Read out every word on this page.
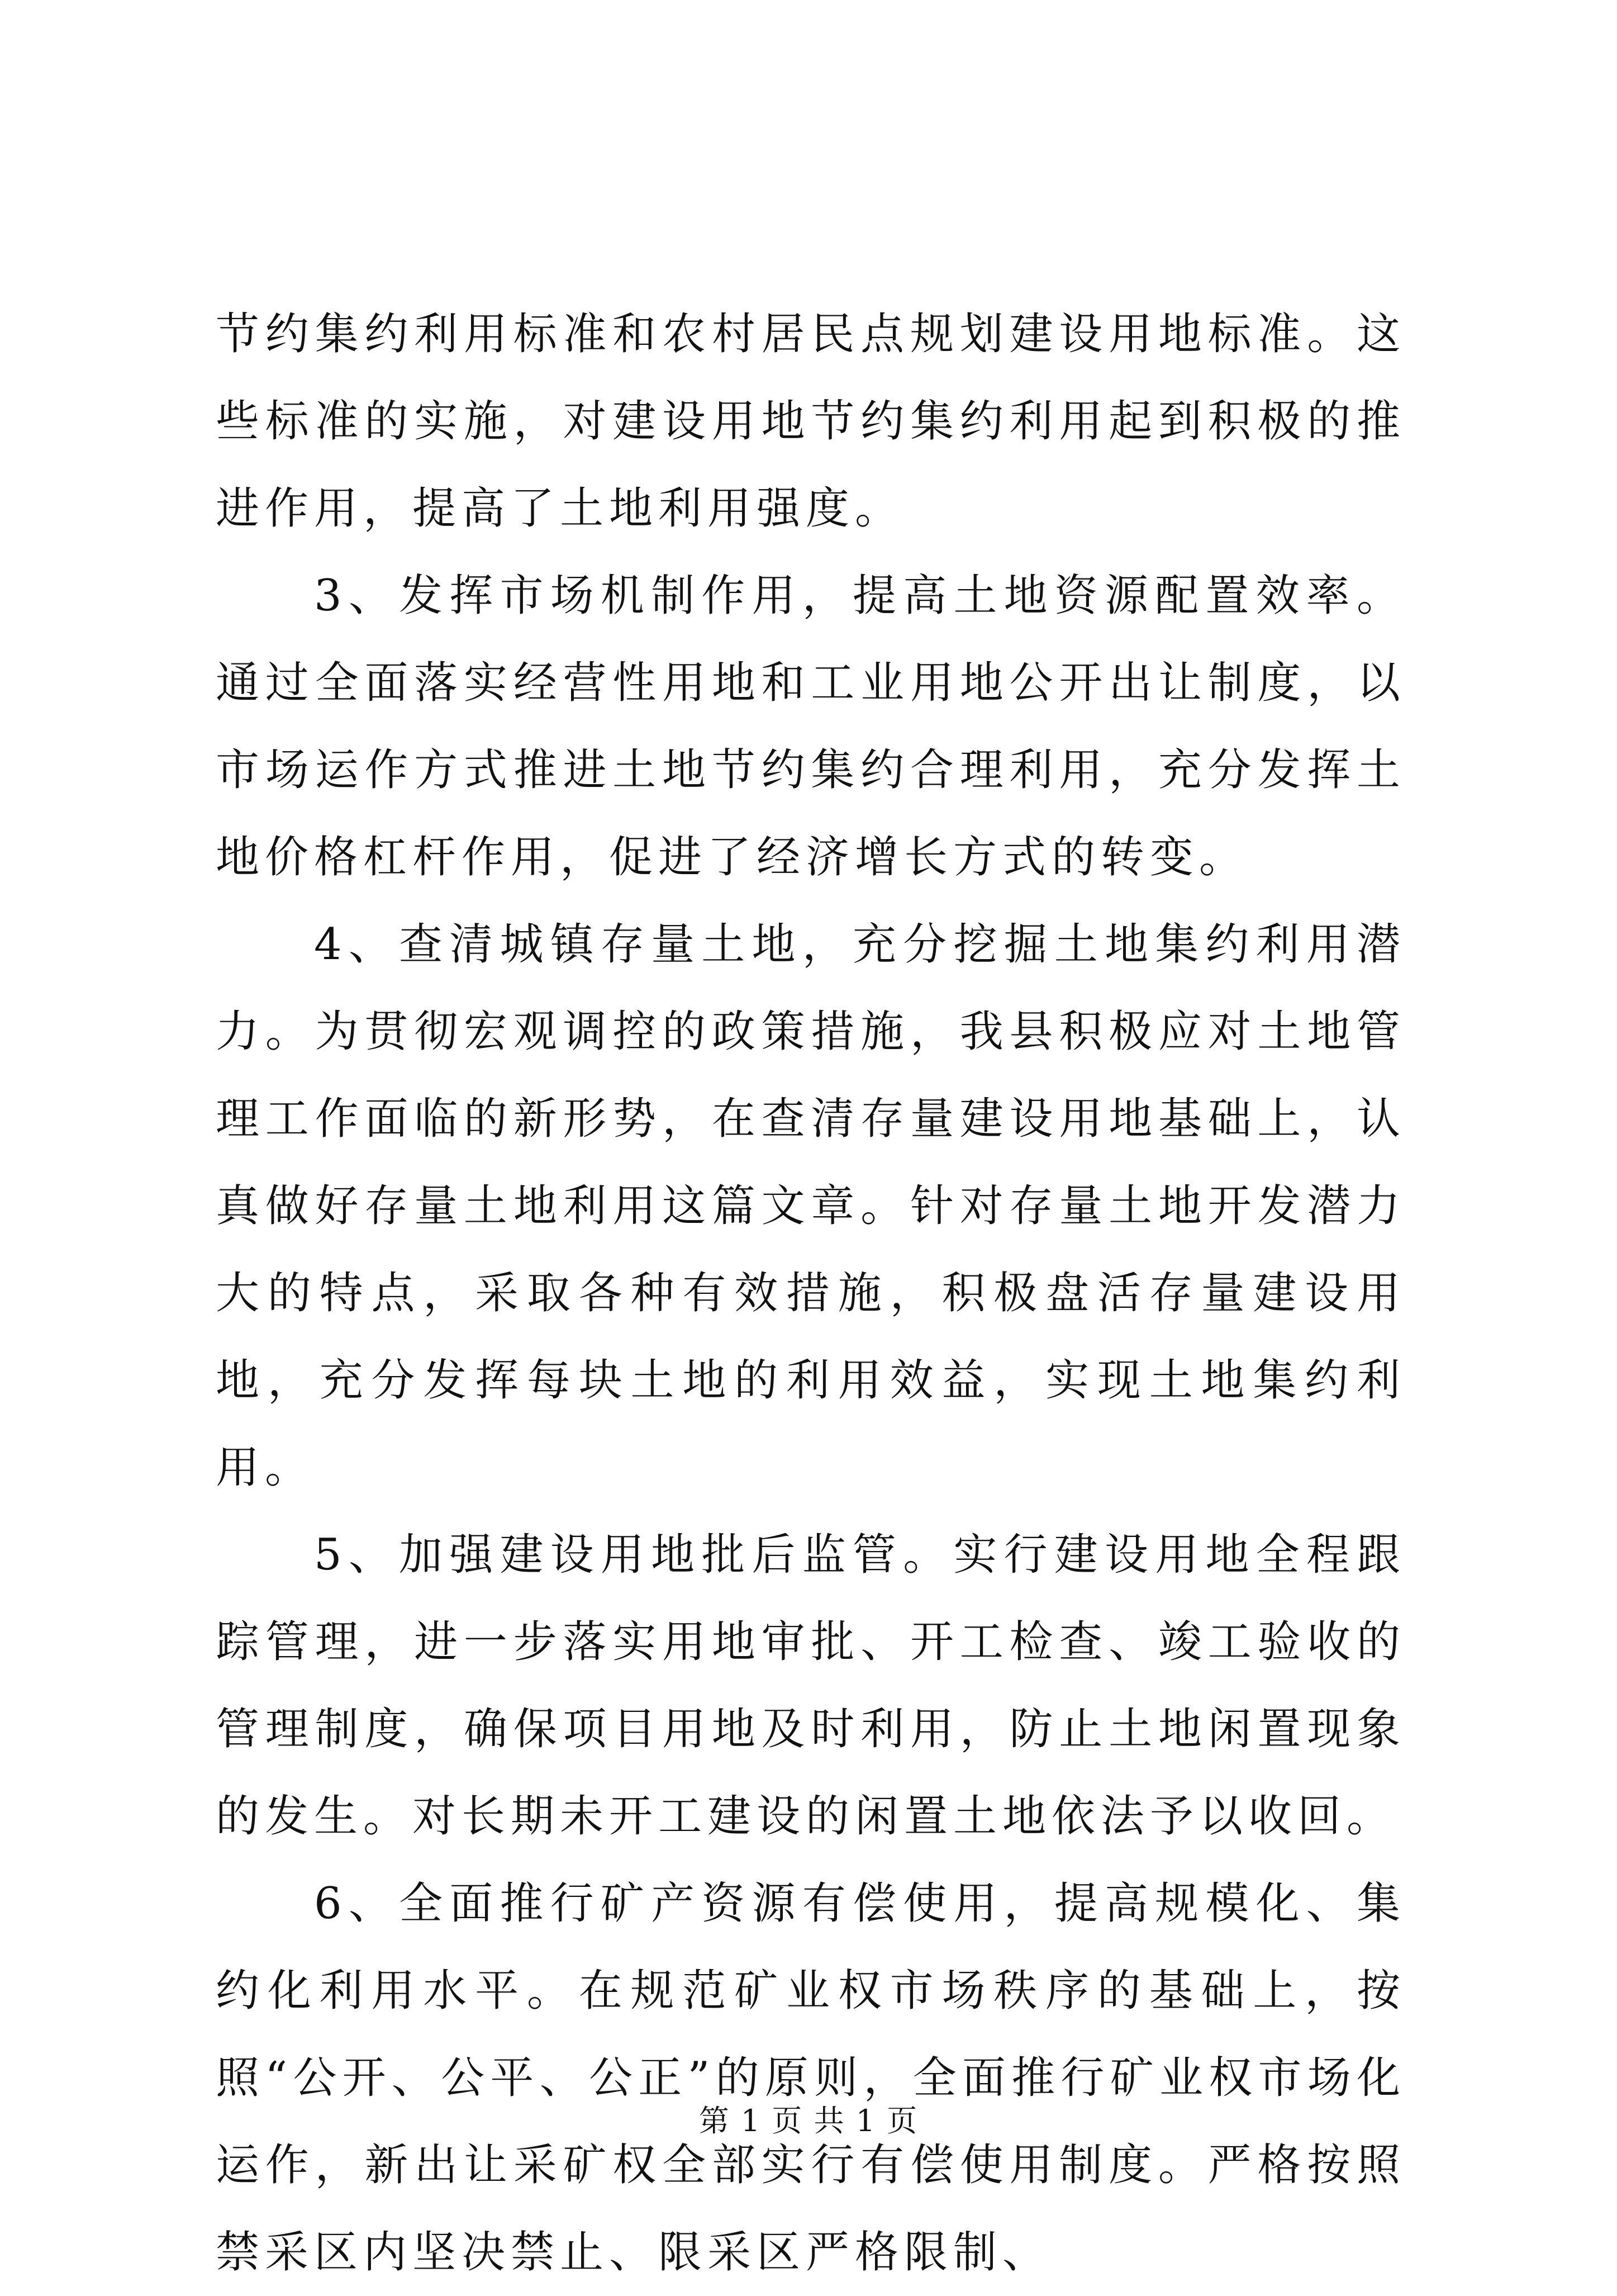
节约集约利用标准和农村居民点规划建设用地标准。这些标准的实施，对建设用地节约集约利用起到积极的推进作用，提高了土地利用强度。

3、发挥市场机制作用，提高土地资源配置效率。通过全面落实经营性用地和工业用地公开出让制度，以市场运作方式推进土地节约集约合理利用，充分发挥土地价格杠杆作用，促进了经济增长方式的转变。

4、查清城镇存量土地，充分挖掘土地集约利用潜力。为贯彻宏观调控的政策措施，我县积极应对土地管理工作面临的新形势，在查清存量建设用地基础上，认真做好存量土地利用这篇文章。针对存量土地开发潜力大的特点，采取各种有效措施，积极盘活存量建设用地，充分发挥每块土地的利用效益，实现土地集约利用。

5、加强建设用地批后监管。实行建设用地全程跟踪管理，进一步落实用地审批、开工检查、竣工验收的管理制度，确保项目用地及时利用，防止土地闲置现象的发生。对长期未开工建设的闲置土地依法予以收回。

6、全面推行矿产资源有偿使用，提高规模化、集约化利用水平。在规范矿业权市场秩序的基础上，按照“公开、公平、公正”的原则，全面推行矿业权市场化运作，新出让采矿权全部实行有偿使用制度。严格按照禁采区内坚决禁止、限采区严格限制、

第 1 页 共 1 页
